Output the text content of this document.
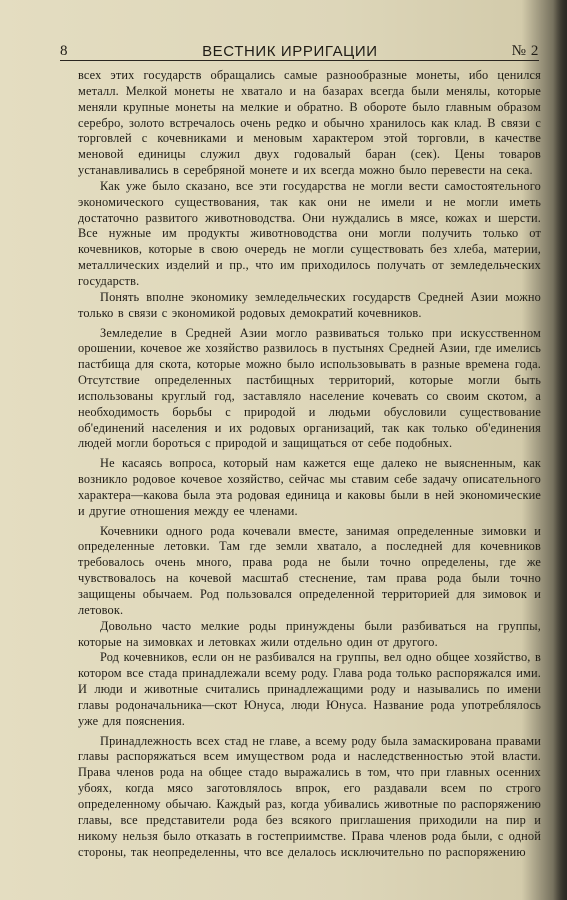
8	ВЕСТНИК ИРРИГАЦИИ	№ 2

всех этих государств обращались самые разнообразные монеты, ибо ценился металл. Мелкой монеты не хватало и на базарах всегда были менялы, которые меняли крупные монеты на мелкие и обратно. В обороте было главным образом серебро, золото встречалось очень редко и обычно хранилось как клад. В связи с торговлей с кочевниками и меновым характером этой торговли, в качестве меновой единицы служил двух годовалый баран (сек). Цены товаров устанавливались в серебряной монете и их всегда можно было перевести на сека.

Как уже было сказано, все эти государства не могли вести самостоятельного экономического существования, так как они не имели и не могли иметь достаточно развитого животноводства. Они нуждались в мясе, кожах и шерсти. Все нужные им продукты животноводства они могли получить только от кочевников, которые в свою очередь не могли существовать без хлеба, материи, металлических изделий и пр., что им приходилось получать от земледельческих государств.

Понять вполне экономику земледельческих государств Средней Азии можно только в связи с экономикой родовых демократий кочевников.

Земледелие в Средней Азии могло развиваться только при искусственном орошении, кочевое же хозяйство развилось в пустынях Средней Азии, где имелись пастбища для скота, которые можно было использовывать в разные времена года. Отсутствие определенных пастбищных территорий, которые могли быть использованы круглый год, заставляло население кочевать со своим скотом, а необходимость борьбы с природой и людьми обусловили существование об'единений населения и их родовых организаций, так как только об'единения людей могли бороться с природой и защищаться от себе подобных.

Не касаясь вопроса, который нам кажется еще далеко не выясненным, как возникло родовое кочевое хозяйство, сейчас мы ставим себе задачу описательного характера—какова была эта родовая единица и каковы были в ней экономические и другие отношения между ее членами.

Кочевники одного рода кочевали вместе, занимая определенные зимовки и определенные летовки. Там где земли хватало, а последней для кочевников требовалось очень много, права рода не были точно определены, где же чувствовалось на кочевой масштаб стеснение, там права рода были точно защищены обычаем. Род пользовался определенной территорией для зимовок и летовок.

Довольно часто мелкие роды принуждены были разбиваться на группы, которые на зимовках и летовках жили отдельно один от другого.

Род кочевников, если он не разбивался на группы, вел одно общее хозяйство, в котором все стада принадлежали всему роду. Глава рода только распоряжался ими. И люди и животные считались принадлежащими роду и назывались по имени главы родоначальника—скот Юнуса, люди Юнуса. Название рода употреблялось уже для пояснения.

Принадлежность всех стад не главе, а всему роду была замаскирована правами главы распоряжаться всем имуществом рода и наследственностью этой власти. Права членов рода на общее стадо выражались в том, что при главных осенних убоях, когда мясо заготовлялось впрок, его раздавали всем по строго определенному обычаю. Каждый раз, когда убивались животные по распоряжению главы, все представители рода без всякого приглашения приходили на пир и никому нельзя было отказать в гостеприимстве. Права членов рода были, с одной стороны, так неопределенны, что все делалось исключительно по распоряжению
